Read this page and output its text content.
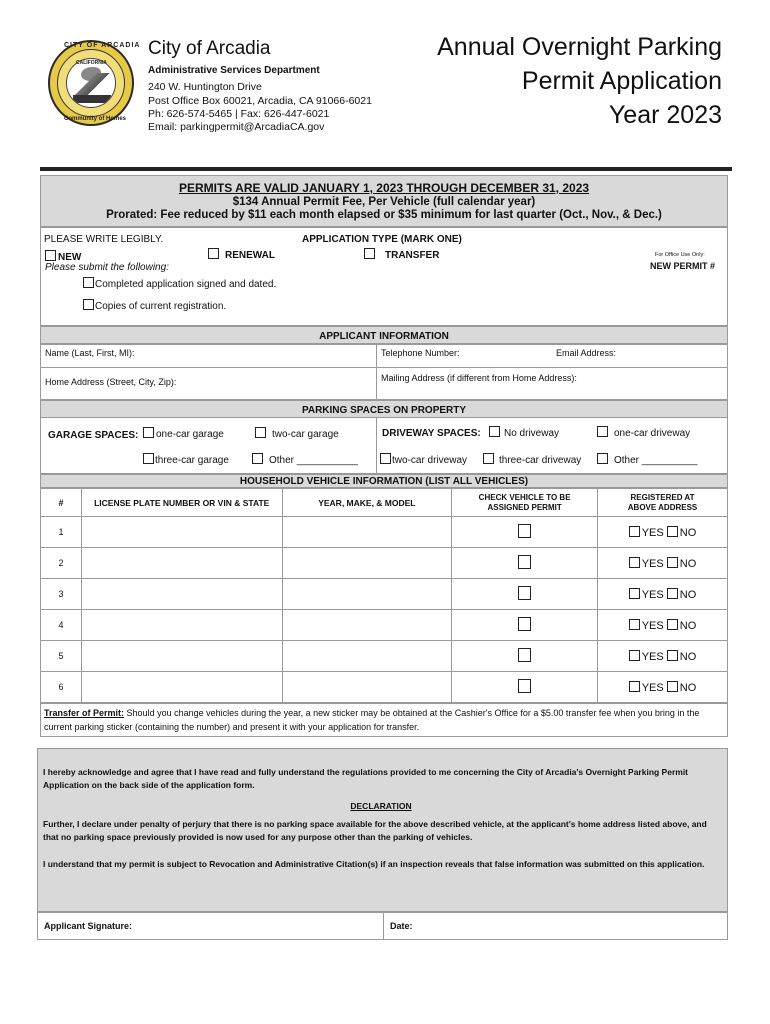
CITY OF ARCADIA
Community of Homes
CALIFORNIA
City of Arcadia
Administrative Services Department
240 W. Huntington Drive
Post Office Box 60021, Arcadia, CA 91066-6021
Ph: 626-574-5465 | Fax: 626-447-6021
Email: parkingpermit@ArcadiaCA.gov
Annual Overnight Parking
Permit Application
Year 2023
PERMITS ARE VALID JANUARY 1, 2023 THROUGH DECEMBER 31, 2023
$134 Annual Permit Fee, Per Vehicle (full calendar year)
Prorated: Fee reduced by $11 each month elapsed or $35 minimum for last quarter (Oct., Nov., & Dec.)
PLEASE WRITE LEGIBLY.	APPLICATION TYPE (MARK ONE)
NEW	RENEWAL	TRANSFER	For Office Use Only:
NEW PERMIT #
Please submit the following:
Completed application signed and dated.
Copies of current registration.
APPLICANT INFORMATION
Name (Last, First, MI):	Telephone Number:	Email Address:
Home Address (Street, City, Zip):	Mailing Address (if different from Home Address):
PARKING SPACES ON PROPERTY
GARAGE SPACES:	one-car garage	two-car garage
three-car garage	Other ___________
DRIVEWAY SPACES:	No driveway	one-car driveway
two-car driveway	three-car driveway	Other __________
HOUSEHOLD VEHICLE INFORMATION (LIST ALL VEHICLES)
#	LICENSE PLATE NUMBER OR VIN & STATE	YEAR, MAKE, & MODEL	CHECK VEHICLE TO BE ASSIGNED PERMIT	REGISTERED AT ABOVE ADDRESS
1				YES NO
2				YES NO
3				YES NO
4				YES NO
5				YES NO
6				YES NO
Transfer of Permit: Should you change vehicles during the year, a new sticker may be obtained at the Cashier's Office for a $5.00 transfer fee when you bring in the current parking sticker (containing the number) and present it with your application for transfer.
I hereby acknowledge and agree that I have read and fully understand the regulations provided to me concerning the City of Arcadia's Overnight Parking Permit Application on the back side of the application form.
DECLARATION
Further, I declare under penalty of perjury that there is no parking space available for the above described vehicle, at the applicant's home address listed above, and that no parking space previously provided is now used for any purpose other than the parking of vehicles.
I understand that my permit is subject to Revocation and Administrative Citation(s) if an inspection reveals that false information was submitted on this application.
Applicant Signature:	Date:
